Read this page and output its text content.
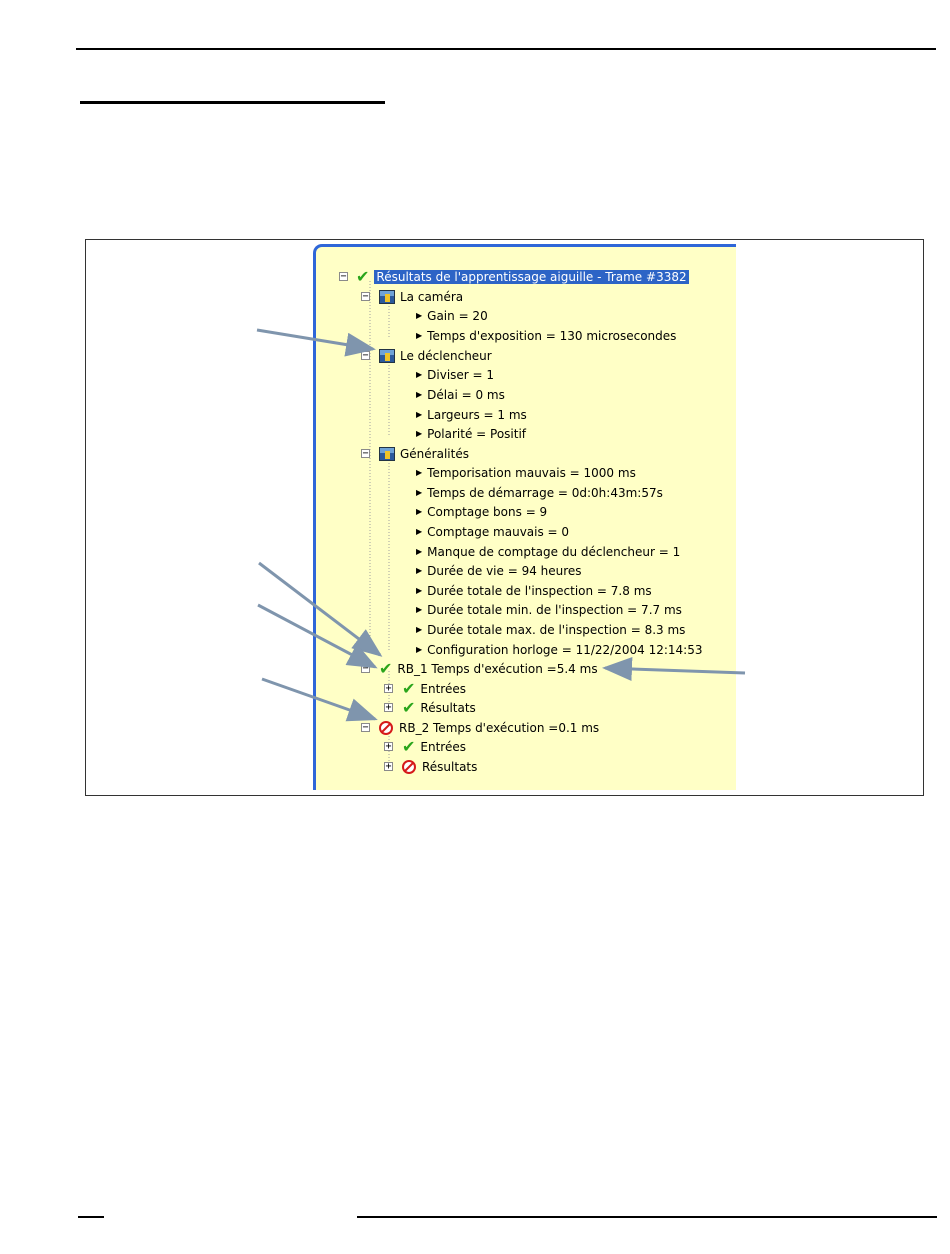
− ✔ Résultats de l'apprentissage aiguille - Trame #3382
−	La caméra
▶ Gain = 20
▶ Temps d'exposition = 130 microsecondes
−	Le déclencheur
▶ Diviser = 1
▶ Délai = 0 ms
▶ Largeurs = 1 ms
▶ Polarité = Positif
−	Généralités
▶ Temporisation mauvais = 1000 ms
▶ Temps de démarrage = 0d:0h:43m:57s
▶ Comptage bons = 9
▶ Comptage mauvais = 0
▶ Manque de comptage du déclencheur = 1
▶ Durée de vie = 94 heures
▶ Durée totale de l'inspection = 7.8 ms
▶ Durée totale min. de l'inspection = 7.7 ms
▶ Durée totale max. de l'inspection = 8.3 ms
▶ Configuration horloge = 11/22/2004 12:14:53
− ✔ RB_1 Temps d'exécution =5.4 ms
+ ✔ Entrées
+ ✔ Résultats
−	RB_2 Temps d'exécution =0.1 ms
+ ✔ Entrées
+	Résultats
